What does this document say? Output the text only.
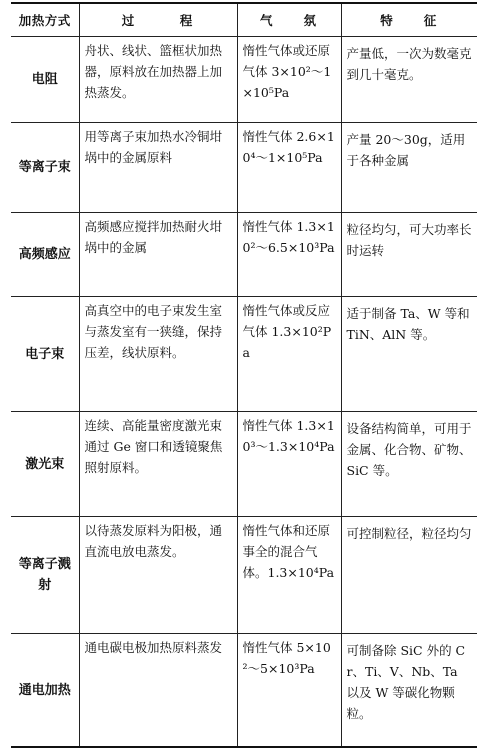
加热方式	过　　　程	气　　氛	特　　征
电阻	舟状、线状、篮框状加热器，原料放在加热器上加热蒸发。	惰性气体或还原气体 3×10²～1×10⁵Pa	产量低，一次为数毫克到几十毫克。
等离子束	用等离子束加热水冷铜坩埚中的金属原料	惰性气体 2.6×10⁴～1×10⁵Pa	产量 20～30g，适用于各种金属
高频感应	高频感应搅拌加热耐火坩埚中的金属	惰性气体 1.3×10²～6.5×10³Pa	粒径均匀，可大功率长时运转
电子束	高真空中的电子束发生室与蒸发室有一狭缝，保持压差，线状原料。	惰性气体或反应气体 1.3×10²Pa	适于制备 Ta、W 等和 TiN、AlN 等。
激光束	连续、高能量密度激光束通过 Ge 窗口和透镜聚焦照射原料。	惰性气体 1.3×10³～1.3×10⁴Pa	设备结构简单，可用于金属、化合物、矿物、SiC 等。
等离子溅射	以待蒸发原料为阳极，通直流电放电蒸发。	惰性气体和还原事全的混合气体。1.3×10⁴Pa	可控制粒径，粒径均匀
通电加热	通电碳电极加热原料蒸发	惰性气体 5×10²～5×10³Pa	可制备除 SiC 外的 Cr、Ti、V、Nb、Ta 以及 W 等碳化物颗粒。
